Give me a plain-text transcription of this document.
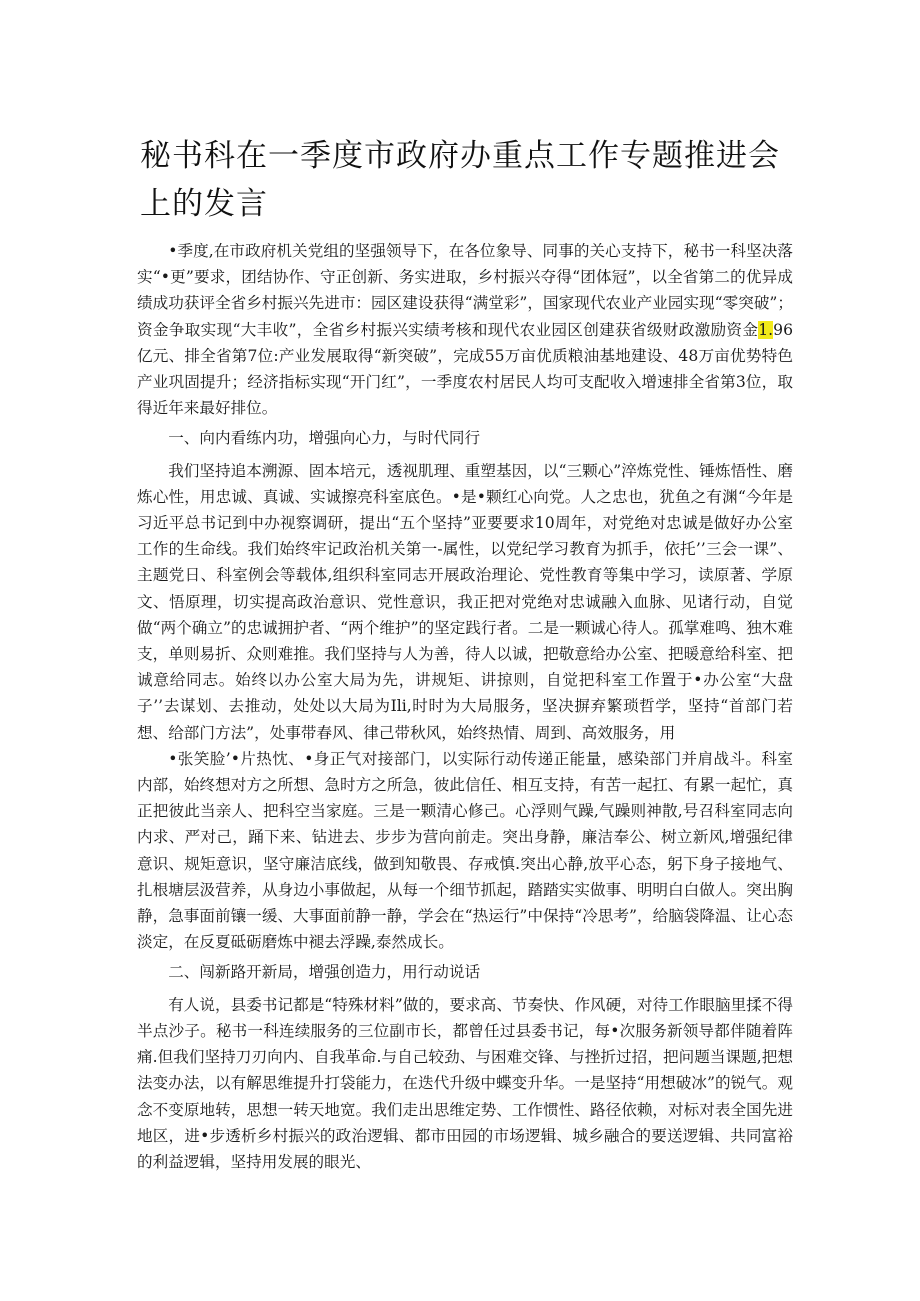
秘书科在一季度市政府办重点工作专题推进会上的发言

•季度,在市政府机关党组的坚强领导下，在各位象导、同事的关心支持下，秘书一科坚决落实“•更”要求，团结协作、守正创新、务实进取，乡村振兴夺得“团体冠”，以全省第二的优异成绩成功获评全省乡村振兴先进市：园区建设获得“满堂彩”，国家现代农业产业园实现“零突破”；资金争取实现“大丰收”，全省乡村振兴实绩考核和现代农业园区创建获省级财政激励资金1.96亿元、排全省第7位:产业发展取得“新突破”，完成55万亩优质粮油基地建设、48万亩优势特色产业巩固提升；经济指标实现“开门红”，一季度农村居民人均可支配收入增速排全省第3位，取得近年来最好排位。

一、向内看练内功，增强向心力，与时代同行

我们坚持追本溯源、固本培元，透视肌理、重塑基因，以“三颗心”淬炼党性、锤炼悟性、磨炼心性，用忠诚、真诚、实诚擦亮科室底色。•是•颗红心向党。人之忠也，犹鱼之有渊“今年是习近平总书记到中办视察调研，提出“五个坚持”亚要要求10周年，对党绝对忠诚是做好办公室工作的生命线。我们始终牢记政治机关第一-属性，以党纪学习教育为抓手，依托’’三会一课”、主题党日、科室例会等载体,组织科室同志开展政治理论、党性教育等集中学习，读原著、学原文、悟原理，切实提高政治意识、党性意识，我正把对党绝对忠诚融入血脉、见诸行动，自觉做“两个确立”的忠诚拥护者、“两个维护”的坚定践行者。二是一颗诚心待人。孤掌难鸣、独木难支，单则易折、众则难推。我们坚持与人为善，待人以诚，把敬意给办公室、把暖意给科室、把诚意给同志。始终以办公室大局为先，讲规矩、讲掠则，自觉把科室工作置于•办公室“大盘子’’去谋划、去推动，处处以大局为Ili,时时为大局服务，坚决摒弃繁琐哲学，坚持“首部门若想、给部门方法”，处事带春风、律己带秋风，始终热情、周到、高效服务，用

•张笑脸’•片热忱、•身正气对接部门，以实际行动传递正能量，感染部门并肩战斗。科室内部，始终想对方之所想、急时方之所急，彼此信任、相互支持，有苦一起扛、有累一起忙，真正把彼此当亲人、把科空当家庭。三是一颗清心修己。心浮则气躁,气躁则神散,号召科室同志向内求、严对己，踊下来、钻进去、步步为营向前走。突出身静，廉洁奉公、树立新风,增强纪律意识、规矩意识，坚守廉洁底线，做到知敬畏、存戒慎.突出心静,放平心态，躬下身子接地气、扎根塘层汲营养，从身边小事做起，从每一个细节抓起，踏踏实实做事、明明白白做人。突出胸静，急事面前镶一缓、大事面前静一静，学会在“热运行”中保持“冷思考”，给脑袋降温、让心态淡定，在反夏砥砺磨炼中褪去浮躁,泰然成长。

二、闯新路开新局，增强创造力，用行动说话

有人说，县委书记都是“特殊材料”做的，要求高、节奏快、作风硬，对待工作眼脑里揉不得半点沙子。秘书一科连续服务的三位副市长，都曾任过县委书记，每•次服务新领导都伴随着阵痛.但我们坚持刀刃向内、自我革命.与自己较劲、与困难交锋、与挫折过招，把问题当课题,把想法变办法，以有解思维提升打袋能力，在迭代升级中蝶变升华。一是坚持“用想破冰”的锐气。观念不变原地转，思想一转天地宽。我们走出思维定势、工作惯性、路径依赖，对标对表全国先进地区，进•步透析乡村振兴的政治逻辑、都市田园的市场逻辑、城乡融合的要送逻辑、共同富裕的利益逻辑，坚持用发展的眼光、
